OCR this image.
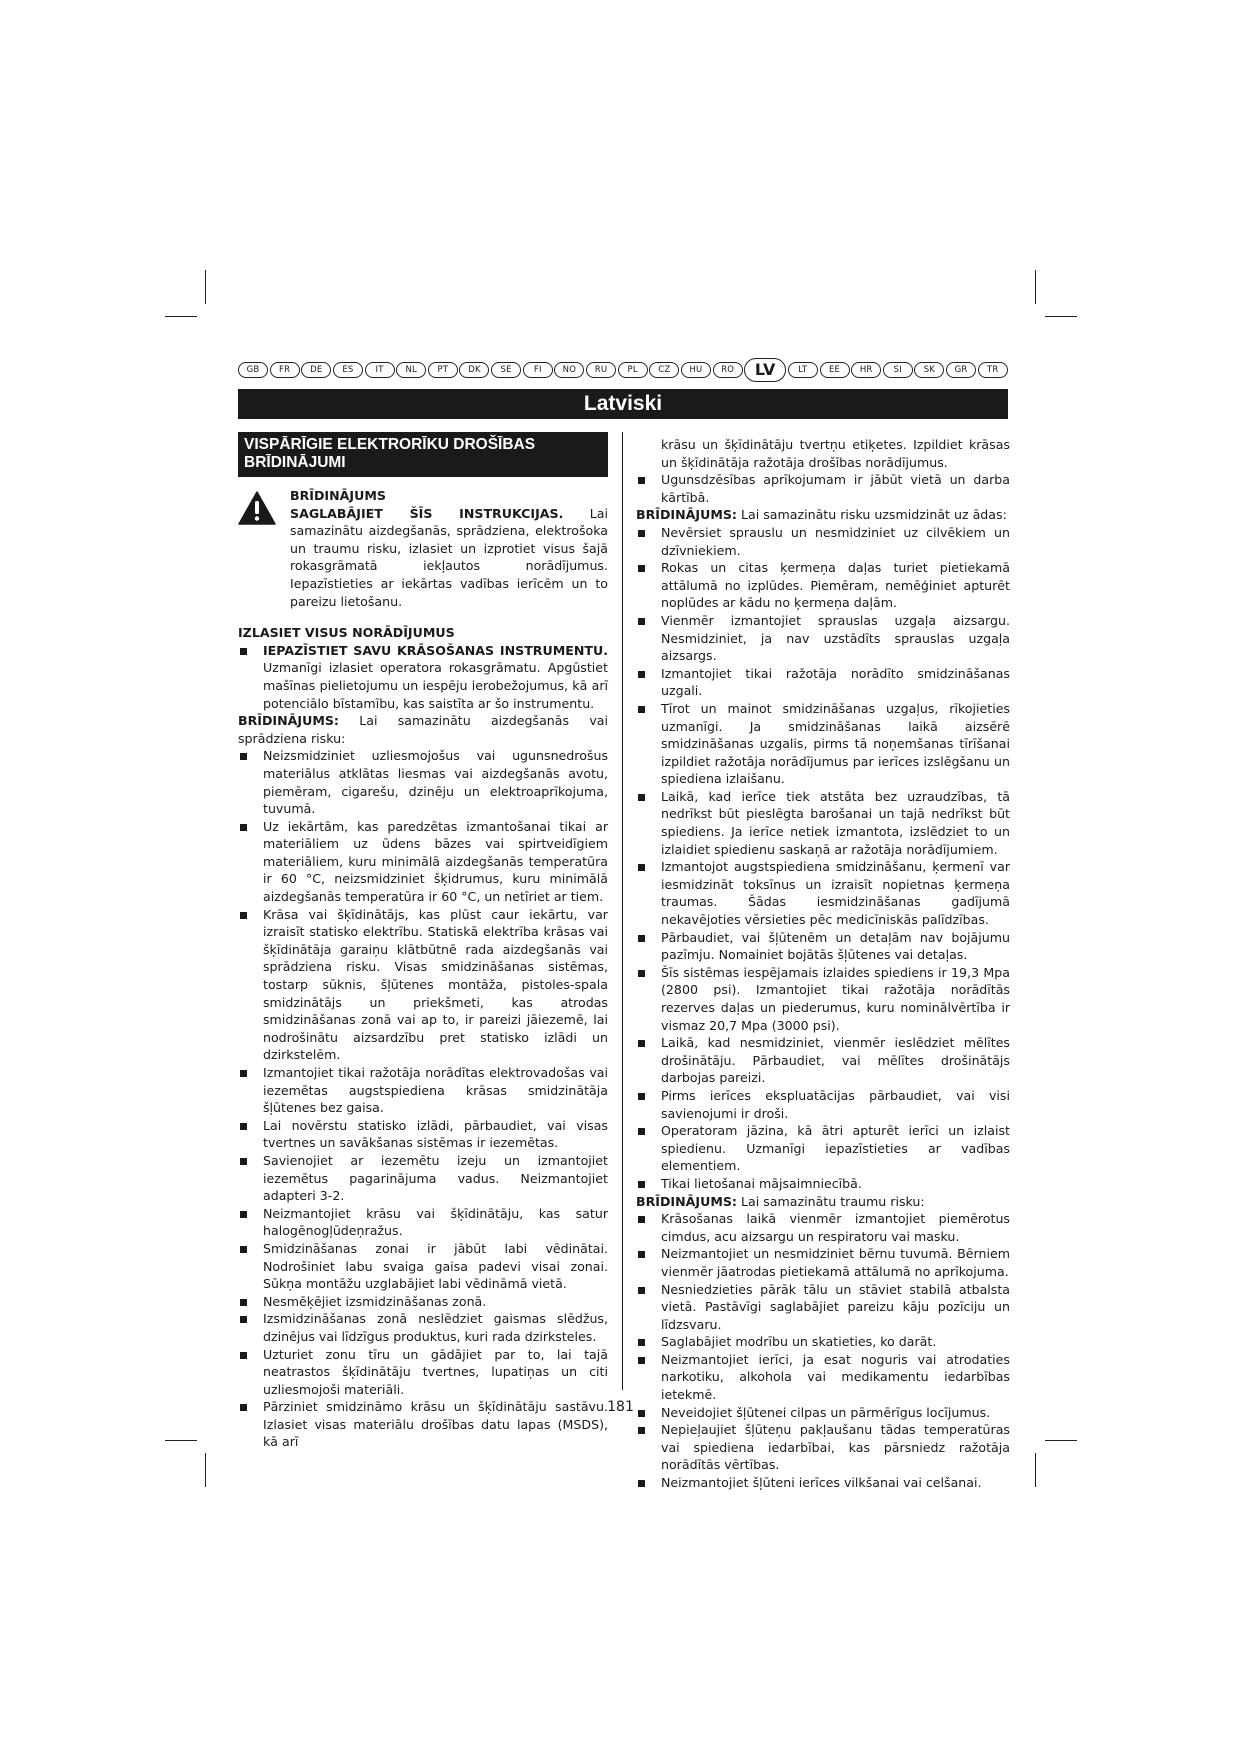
GB	FR	DE	ES	IT	NL	PT	DK	SE	FI	NO	RU	PL	CZ	HU	RO	LV	LT	EE	HR	SI	SK	GR	TR
Latviski
VISPĀRĪGIE ELEKTRORĪKU DROŠĪBAS BRĪDINĀJUMI
BRĪDINĀJUMS
SAGLABĀJIET ŠĪS INSTRUKCIJAS. Lai samazinātu aizdegšanās, sprādziena, elektrošoka un traumu risku, izlasiet un izprotiet visus šajā rokasgrāmatā iekļautos norādījumus. Iepazīstieties ar iekārtas vadības ierīcēm un to pareizu lietošanu.
IZLASIET VISUS NORĀDĪJUMUS
IEPAZĪSTIET SAVU KRĀSOŠANAS INSTRUMENTU. Uzmanīgi izlasiet operatora rokasgrāmatu. Apgūstiet mašīnas pielietojumu un iespēju ierobežojumus, kā arī potenciālo bīstamību, kas saistīta ar šo instrumentu.

BRĪDINĀJUMS: Lai samazinātu aizdegšanās vai sprādziena risku:

Neizsmidziniet uzliesmojošus vai ugunsnedrošus materiālus atklātas liesmas vai aizdegšanās avotu, piemēram, cigarešu, dzinēju un elektroaprīkojuma, tuvumā.
Uz iekārtām, kas paredzētas izmantošanai tikai ar materiāliem uz ūdens bāzes vai spirtveidīgiem materiāliem, kuru minimālā aizdegšanās temperatūra ir 60 °C, neizsmidziniet šķidrumus, kuru minimālā aizdegšanās temperatūra ir 60 °C, un netīriet ar tiem.
Krāsa vai šķīdinātājs, kas plūst caur iekārtu, var izraisīt statisko elektrību. Statiskā elektrība krāsas vai šķīdinātāja garaiņu klātbūtnē rada aizdegšanās vai sprādziena risku. Visas smidzināšanas sistēmas, tostarp sūknis, šļūtenes montāža, pistoles-spala smidzinātājs un priekšmeti, kas atrodas smidzināšanas zonā vai ap to, ir pareizi jāiezemē, lai nodrošinātu aizsardzību pret statisko izlādi un dzirkstelēm.
Izmantojiet tikai ražotāja norādītas elektrovadošas vai iezemētas augstspiediena krāsas smidzinātāja šļūtenes bez gaisa.
Lai novērstu statisko izlādi, pārbaudiet, vai visas tvertnes un savākšanas sistēmas ir iezemētas.
Savienojiet ar iezemētu izeju un izmantojiet iezemētus pagarinājuma vadus. Neizmantojiet adapteri 3-2.
Neizmantojiet krāsu vai šķīdinātāju, kas satur halogēnogļūdeņražus.
Smidzināšanas zonai ir jābūt labi vēdinātai. Nodrošiniet labu svaiga gaisa padevi visai zonai. Sūkņa montāžu uzglabājiet labi vēdināmā vietā.
Nesmēķējiet izsmidzināšanas zonā.
Izsmidzināšanas zonā neslēdziet gaismas slēdžus, dzinējus vai līdzīgus produktus, kuri rada dzirksteles.
Uzturiet zonu tīru un gādājiet par to, lai tajā neatrastos šķīdinātāju tvertnes, lupatiņas un citi uzliesmojoši materiāli.
Pārziniet smidzināmo krāsu un šķīdinātāju sastāvu. Izlasiet visas materiālu drošības datu lapas (MSDS), kā arī

krāsu un šķīdinātāju tvertņu etiķetes. Izpildiet krāsas un šķīdinātāja ražotāja drošības norādījumus.

Ugunsdzēsības aprīkojumam ir jābūt vietā un darba kārtībā.

BRĪDINĀJUMS: Lai samazinātu risku uzsmidzināt uz ādas:

Nevērsiet sprauslu un nesmidziniet uz cilvēkiem un dzīvniekiem.
Rokas un citas ķermeņa daļas turiet pietiekamā attālumā no izplūdes. Piemēram, nemēģiniet apturēt noplūdes ar kādu no ķermeņa daļām.
Vienmēr izmantojiet sprauslas uzgaļa aizsargu. Nesmidziniet, ja nav uzstādīts sprauslas uzgaļa aizsargs.
Izmantojiet tikai ražotāja norādīto smidzināšanas uzgali.
Tīrot un mainot smidzināšanas uzgaļus, rīkojieties uzmanīgi. Ja smidzināšanas laikā aizsērē smidzināšanas uzgalis, pirms tā noņemšanas tīrīšanai izpildiet ražotāja norādījumus par ierīces izslēgšanu un spiediena izlaišanu.
Laikā, kad ierīce tiek atstāta bez uzraudzības, tā nedrīkst būt pieslēgta barošanai un tajā nedrīkst būt spiediens. Ja ierīce netiek izmantota, izslēdziet to un izlaidiet spiedienu saskaņā ar ražotāja norādījumiem.
Izmantojot augstspiediena smidzināšanu, ķermenī var iesmidzināt toksīnus un izraisīt nopietnas ķermeņa traumas. Šādas iesmidzināšanas gadījumā nekavējoties vērsieties pēc medicīniskās palīdzības.
Pārbaudiet, vai šļūtenēm un detaļām nav bojājumu pazīmju. Nomainiet bojātās šļūtenes vai detaļas.
Šīs sistēmas iespējamais izlaides spiediens ir 19,3 Mpa (2800 psi). Izmantojiet tikai ražotāja norādītās rezerves daļas un piederumus, kuru nominālvērtība ir vismaz 20,7 Mpa (3000 psi).
Laikā, kad nesmidziniet, vienmēr ieslēdziet mēlītes drošinātāju. Pārbaudiet, vai mēlītes drošinātājs darbojas pareizi.
Pirms ierīces ekspluatācijas pārbaudiet, vai visi savienojumi ir droši.
Operatoram jāzina, kā ātri apturēt ierīci un izlaist spiedienu. Uzmanīgi iepazīstieties ar vadības elementiem.
Tikai lietošanai mājsaimniecībā.

BRĪDINĀJUMS: Lai samazinātu traumu risku:

Krāsošanas laikā vienmēr izmantojiet piemērotus cimdus, acu aizsargu un respiratoru vai masku.
Neizmantojiet un nesmidziniet bērnu tuvumā. Bērniem vienmēr jāatrodas pietiekamā attālumā no aprīkojuma.
Nesniedzieties pārāk tālu un stāviet stabilā atbalsta vietā. Pastāvīgi saglabājiet pareizu kāju pozīciju un līdzsvaru.
Saglabājiet modrību un skatieties, ko darāt.
Neizmantojiet ierīci, ja esat noguris vai atrodaties narkotiku, alkohola vai medikamentu iedarbības ietekmē.
Neveidojiet šļūtenei cilpas un pārmērīgus locījumus.
Nepieļaujiet šļūteņu pakļaušanu tādas temperatūras vai spiediena iedarbībai, kas pārsniedz ražotāja norādītās vērtības.
Neizmantojiet šļūteni ierīces vilkšanai vai celšanai.
181
